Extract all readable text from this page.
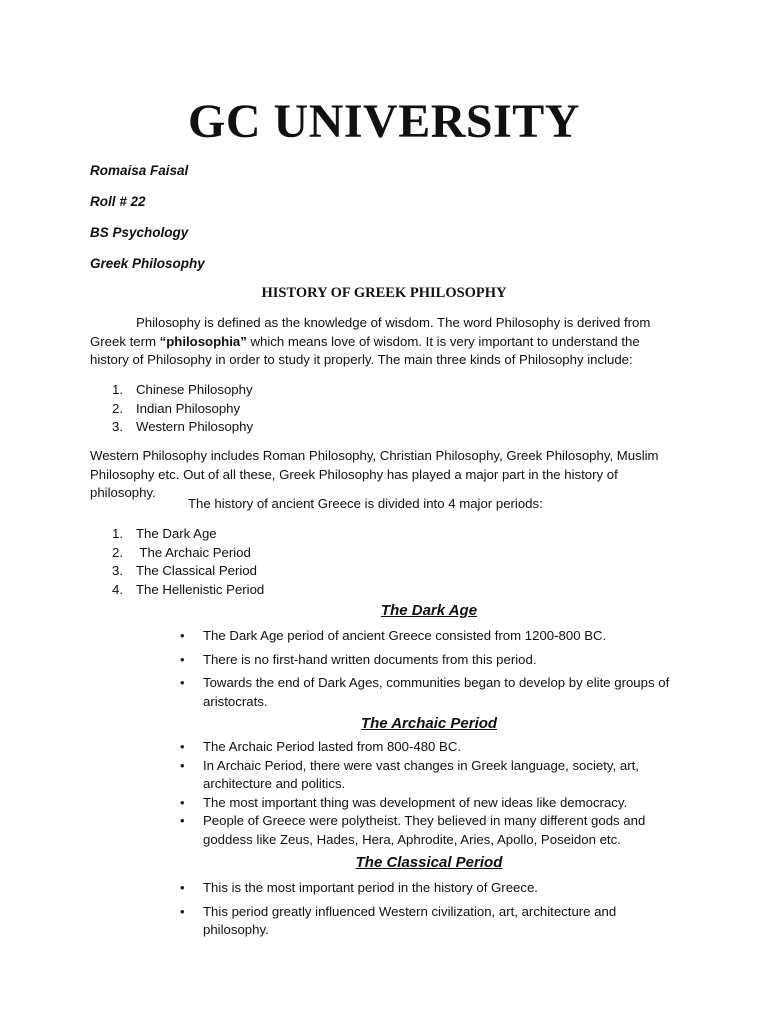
GC UNIVERSITY
Romaisa Faisal
Roll # 22
BS Psychology
Greek Philosophy
HISTORY OF GREEK PHILOSOPHY
Philosophy is defined as the knowledge of wisdom. The word Philosophy is derived from Greek term “philosophia” which means love of wisdom. It is very important to understand the history of Philosophy in order to study it properly. The main three kinds of Philosophy include:
1. Chinese Philosophy
2. Indian Philosophy
3. Western Philosophy
Western Philosophy includes Roman Philosophy, Christian Philosophy, Greek Philosophy, Muslim Philosophy etc. Out of all these, Greek Philosophy has played a major part in the history of philosophy.
The history of ancient Greece is divided into 4 major periods:
1. The Dark Age
2. The Archaic Period
3. The Classical Period
4. The Hellenistic Period
The Dark Age
•	The Dark Age period of ancient Greece consisted from 1200-800 BC.
•	There is no first-hand written documents from this period.
•	Towards the end of Dark Ages, communities began to develop by elite groups of aristocrats.
The Archaic Period
•	The Archaic Period lasted from 800-480 BC.
•	In Archaic Period, there were vast changes in Greek language, society, art, architecture and politics.
•	The most important thing was development of new ideas like democracy.
•	People of Greece were polytheist. They believed in many different gods and goddess like Zeus, Hades, Hera, Aphrodite, Aries, Apollo, Poseidon etc.
The Classical Period
•	This is the most important period in the history of Greece.
•	This period greatly influenced Western civilization, art, architecture and philosophy.
